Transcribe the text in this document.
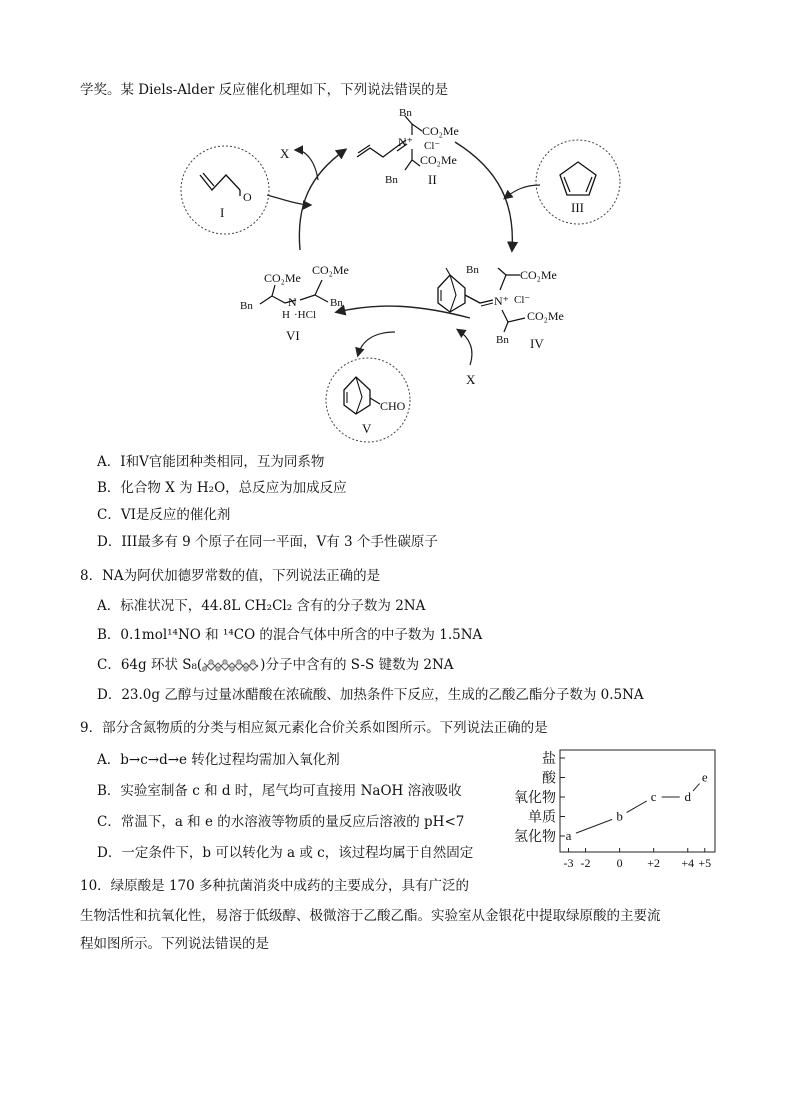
学奖。某 Diels-Alder 反应催化机理如下，下列说法错误的是
X
X
O
I
N⁺
Bn
CO₂Me
Cl⁻
CO₂Me
Bn II
III
N⁺
Bn	CO₂Me
Cl⁻
CO₂Me
Bn IV
CHO
V
CO₂Me
CO₂Me
Bn	N
H
Bn
·HCl
VI
A．I和V官能团种类相同，互为同系物
B．化合物 X 为 H₂O，总反应为加成反应
C．VI是反应的催化剂
D．III最多有 9 个原子在同一平面，V有 3 个手性碳原子
8．NA为阿伏加德罗常数的值，下列说法正确的是
A．标准状况下，44.8L CH₂Cl₂ 含有的分子数为 2NA
B．0.1mol¹⁴NO 和 ¹⁴CO 的混合气体中所含的中子数为 1.5NA
C．64g 环状 S₈(	)分子中含有的 S-S 键数为 2NA
D．23.0g 乙醇与过量冰醋酸在浓硫酸、加热条件下反应，生成的乙酸乙酯分子数为 0.5NA
9．部分含氮物质的分类与相应氮元素化合价关系如图所示。下列说法正确的是
A．b→c→d→e 转化过程均需加入氧化剂
B．实验室制备 c 和 d 时，尾气均可直接用 NaOH 溶液吸收
C．常温下，a 和 e 的水溶液等物质的量反应后溶液的 pH<7
D．一定条件下，b 可以转化为 a 或 c，该过程均属于自然固定
氢化物
单质
氧化物
酸
盐
-3 -2 0 +2 +4 +5
a
b
c d
e
10．绿原酸是 170 多种抗菌消炎中成药的主要成分，具有广泛的
生物活性和抗氧化性，易溶于低级醇、极微溶于乙酸乙酯。实验室从金银花中提取绿原酸的主要流
程如图所示。下列说法错误的是
